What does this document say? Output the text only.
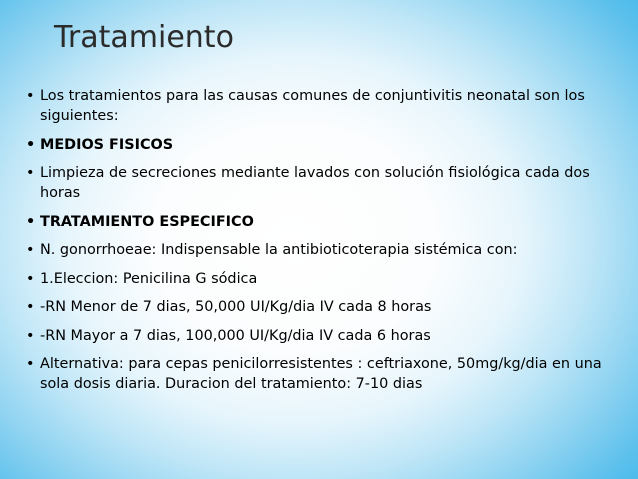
Tratamiento
• Los tratamientos para las causas comunes de conjuntivitis neonatal son los siguientes:
• MEDIOS FISICOS
• Limpieza de secreciones mediante lavados con solución fisiológica cada dos horas
• TRATAMIENTO ESPECIFICO
• N. gonorrhoeae: Indispensable la antibioticoterapia sistémica con:
• 1.Eleccion: Penicilina G sódica
• -RN Menor de 7 dias, 50,000 UI/Kg/dia IV cada 8 horas
• -RN Mayor a 7 dias, 100,000 UI/Kg/dia IV cada 6 horas
• Alternativa: para cepas penicilorresistentes : ceftriaxone, 50mg/kg/dia en una sola dosis diaria. Duracion del tratamiento: 7-10 dias
